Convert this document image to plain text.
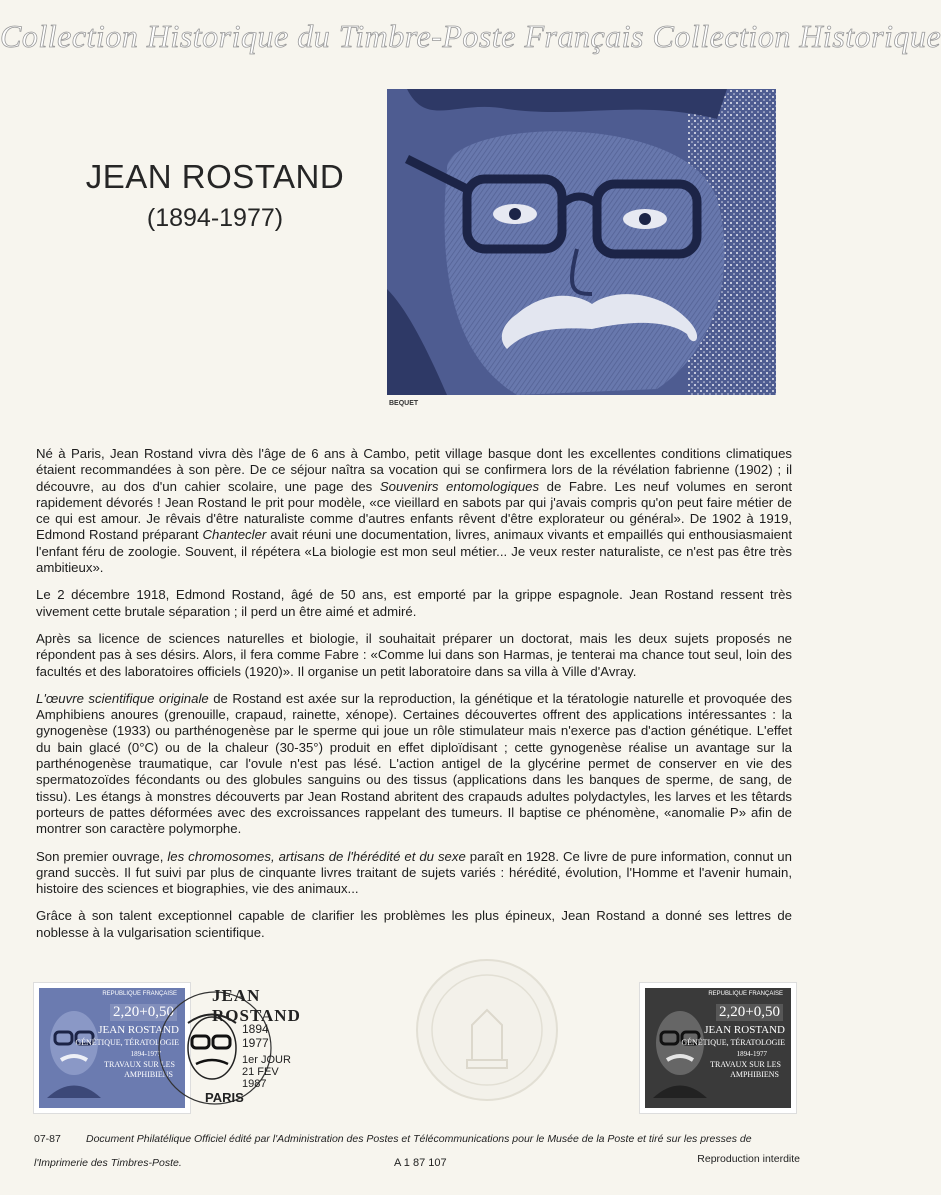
Collection Historique du Timbre-Poste Français Collection Historique
JEAN ROSTAND
(1894-1977)
BEQUET

Né à Paris, Jean Rostand vivra dès l'âge de 6 ans à Cambo, petit village basque dont les excellentes conditions climatiques étaient recommandées à son père. De ce séjour naîtra sa vocation qui se confirmera lors de la révélation fabrienne (1902) ; il découvre, au dos d'un cahier scolaire, une page des Souvenirs entomologiques de Fabre. Les neuf volumes en seront rapidement dévorés ! Jean Rostand le prit pour modèle, «ce vieillard en sabots par qui j'avais compris qu'on peut faire métier de ce qui est amour. Je rêvais d'être naturaliste comme d'autres enfants rêvent d'être explorateur ou général». De 1902 à 1919, Edmond Rostand préparant Chantecler avait réuni une documentation, livres, animaux vivants et empaillés qui enthousiasmaient l'enfant féru de zoologie. Souvent, il répétera «La biologie est mon seul métier... Je veux rester naturaliste, ce n'est pas être très ambitieux».

Le 2 décembre 1918, Edmond Rostand, âgé de 50 ans, est emporté par la grippe espagnole. Jean Rostand ressent très vivement cette brutale séparation ; il perd un être aimé et admiré.

Après sa licence de sciences naturelles et biologie, il souhaitait préparer un doctorat, mais les deux sujets proposés ne répondent pas à ses désirs. Alors, il fera comme Fabre : «Comme lui dans son Harmas, je tenterai ma chance tout seul, loin des facultés et des laboratoires officiels (1920)». Il organise un petit laboratoire dans sa villa à Ville d'Avray.

L'œuvre scientifique originale de Rostand est axée sur la reproduction, la génétique et la tératologie naturelle et provoquée des Amphibiens anoures (grenouille, crapaud, rainette, xénope). Certaines découvertes offrent des applications intéressantes : la gynogenèse (1933) ou parthénogenèse par le sperme qui joue un rôle stimulateur mais n'exerce pas d'action génétique. L'effet du bain glacé (0°C) ou de la chaleur (30-35°) produit en effet diploïdisant ; cette gynogenèse réalise un avantage sur la parthénogenèse traumatique, car l'ovule n'est pas lésé. L'action antigel de la glycérine permet de conserver en vie des spermatozoïdes fécondants ou des globules sanguins ou des tissus (applications dans les banques de sperme, de sang, de tissu). Les étangs à monstres découverts par Jean Rostand abritent des crapauds adultes polydactyles, les larves et les têtards porteurs de pattes déformées avec des excroissances rappelant des tumeurs. Il baptise ce phénomène, «anomalie P» afin de montrer son caractère polymorphe.

Son premier ouvrage, les chromosomes, artisans de l'hérédité et du sexe paraît en 1928. Ce livre de pure information, connut un grand succès. Il fut suivi par plus de cinquante livres traitant de sujets variés : hérédité, évolution, l'Homme et l'avenir humain, histoire des sciences et biographies, vie des animaux...

Grâce à son talent exceptionnel capable de clarifier les problèmes les plus épineux, Jean Rostand a donné ses lettres de noblesse à la vulgarisation scientifique.

REPUBLIQUE FRANÇAISE
2,20+0,50
JEAN ROSTAND
GÉNÉTIQUE, TÉRATOLOGIE
1894-1977
TRAVAUX SUR LES
AMPHIBIENS
JEAN ROSTAND
1894
1977
1er JOUR
21 FEV
1987
PARIS
REPUBLIQUE FRANÇAISE
2,20+0,50
JEAN ROSTAND
GÉNÉTIQUE, TÉRATOLOGIE
1894-1977
TRAVAUX SUR LES
AMPHIBIENS
07-87 Document Philatélique Officiel édité par l'Administration des Postes et Télécommunications pour le Musée de la Poste et tiré sur les presses de
l'Imprimerie des Timbres-Poste.	A 1 87 107	Reproduction interdite
